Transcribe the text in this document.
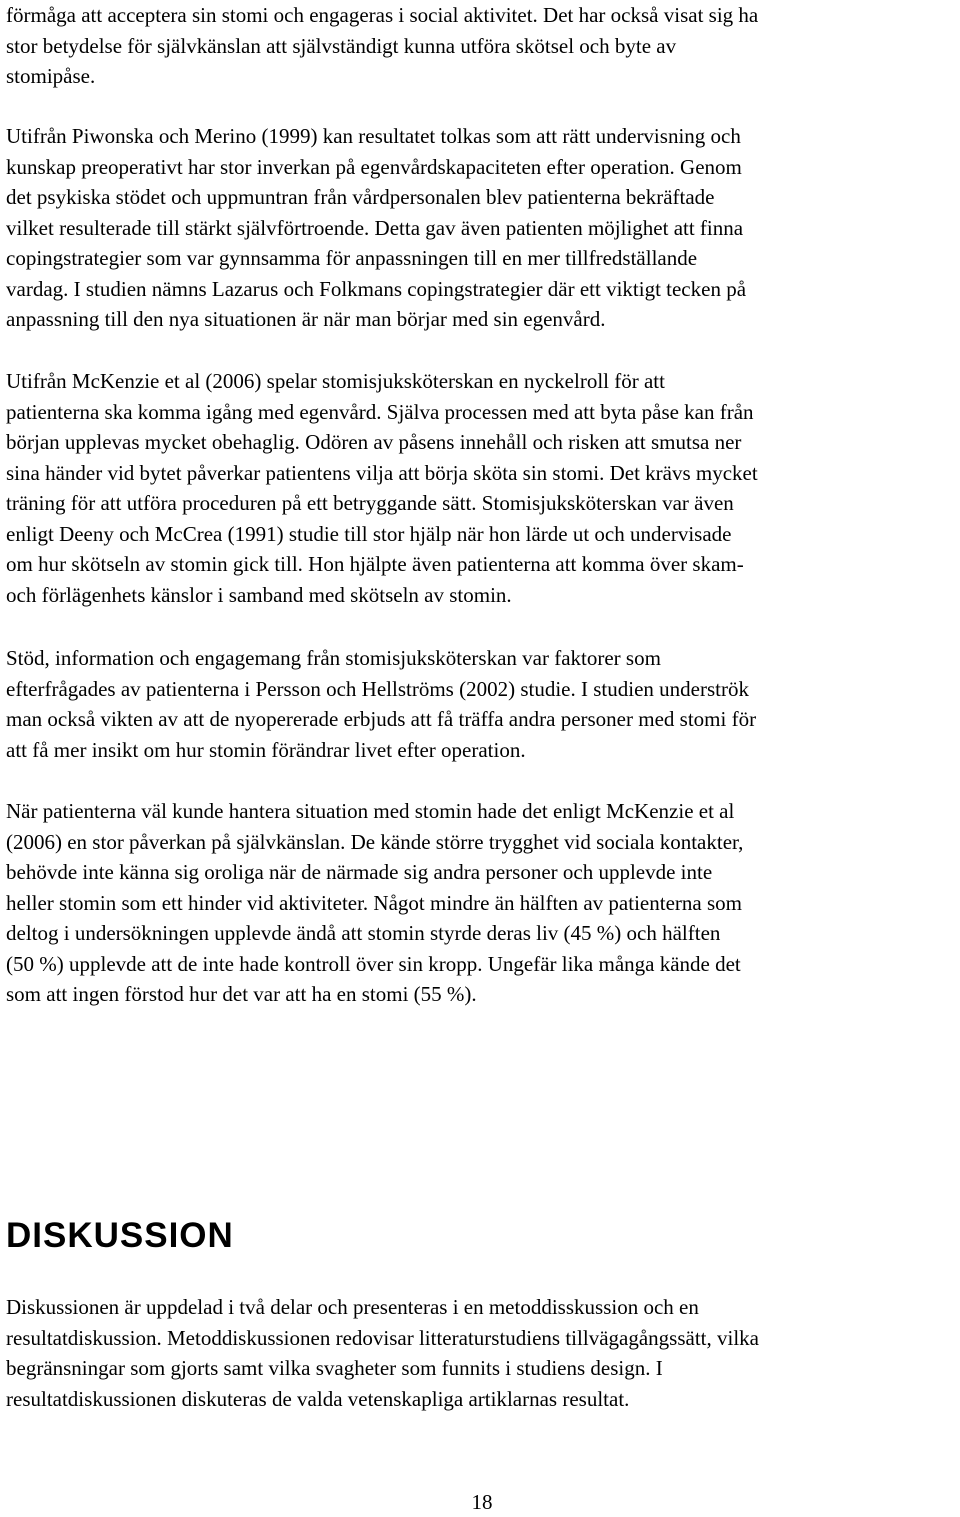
förmåga att acceptera sin stomi och engageras i social aktivitet. Det har också visat sig ha
stor betydelse för självkänslan att självständigt kunna utföra skötsel och byte av
stomipåse.

Utifrån Piwonska och Merino (1999) kan resultatet tolkas som att rätt undervisning och
kunskap preoperativt har stor inverkan på egenvårdskapaciteten efter operation. Genom
det psykiska stödet och uppmuntran från vårdpersonalen blev patienterna bekräftade
vilket resulterade till stärkt självförtroende. Detta gav även patienten möjlighet att finna
copingstrategier som var gynnsamma för anpassningen till en mer tillfredställande
vardag. I studien nämns Lazarus och Folkmans copingstrategier där ett viktigt tecken på
anpassning till den nya situationen är när man börjar med sin egenvård.

Utifrån McKenzie et al (2006) spelar stomisjuksköterskan en nyckelroll för att
patienterna ska komma igång med egenvård. Själva processen med att byta påse kan från
början upplevas mycket obehaglig. Odören av påsens innehåll och risken att smutsa ner
sina händer vid bytet påverkar patientens vilja att börja sköta sin stomi. Det krävs mycket
träning för att utföra proceduren på ett betryggande sätt. Stomisjuksköterskan var även
enligt Deeny och McCrea (1991) studie till stor hjälp när hon lärde ut och undervisade
om hur skötseln av stomin gick till. Hon hjälpte även patienterna att komma över skam-
och förlägenhets känslor i samband med skötseln av stomin.

Stöd, information och engagemang från stomisjuksköterskan var faktorer som
efterfrågades av patienterna i Persson och Hellströms (2002) studie. I studien underströk
man också vikten av att de nyopererade erbjuds att få träffa andra personer med stomi för
att få mer insikt om hur stomin förändrar livet efter operation.

När patienterna väl kunde hantera situation med stomin hade det enligt McKenzie et al
(2006) en stor påverkan på självkänslan. De kände större trygghet vid sociala kontakter,
behövde inte känna sig oroliga när de närmade sig andra personer och upplevde inte
heller stomin som ett hinder vid aktiviteter. Något mindre än hälften av patienterna som
deltog i undersökningen upplevde ändå att stomin styrde deras liv (45 %) och hälften
(50 %) upplevde att de inte hade kontroll över sin kropp. Ungefär lika många kände det
som att ingen förstod hur det var att ha en stomi (55 %).

DISKUSSION

Diskussionen är uppdelad i två delar och presenteras i en metoddisskussion och en
resultatdiskussion. Metoddiskussionen redovisar litteraturstudiens tillvägagångssätt, vilka
begränsningar som gjorts samt vilka svagheter som funnits i studiens design. I
resultatdiskussionen diskuteras de valda vetenskapliga artiklarnas resultat.

18
